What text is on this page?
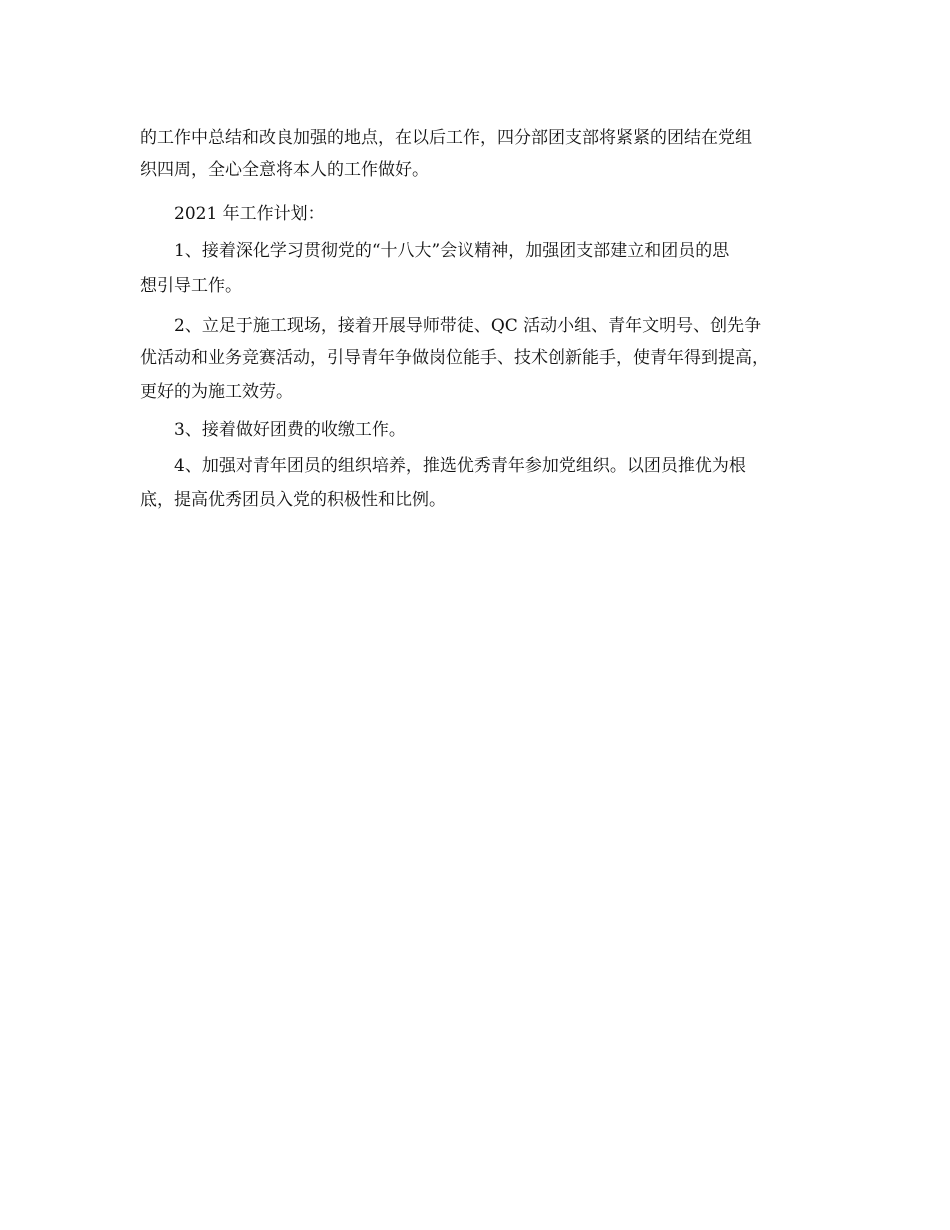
的工作中总结和改良加强的地点，在以后工作，四分部团支部将紧紧的团结在党组
织四周，全心全意将本人的工作做好。
2021 年工作计划：
1、接着深化学习贯彻党的“十八大”会议精神，加强团支部建立和团员的思
想引导工作。
2、立足于施工现场，接着开展导师带徒、QC 活动小组、青年文明号、创先争
优活动和业务竞赛活动，引导青年争做岗位能手、技术创新能手，使青年得到提高，
更好的为施工效劳。
3、接着做好团费的收缴工作。
4、加强对青年团员的组织培养，推选优秀青年参加党组织。以团员推优为根
底，提高优秀团员入党的积极性和比例。
